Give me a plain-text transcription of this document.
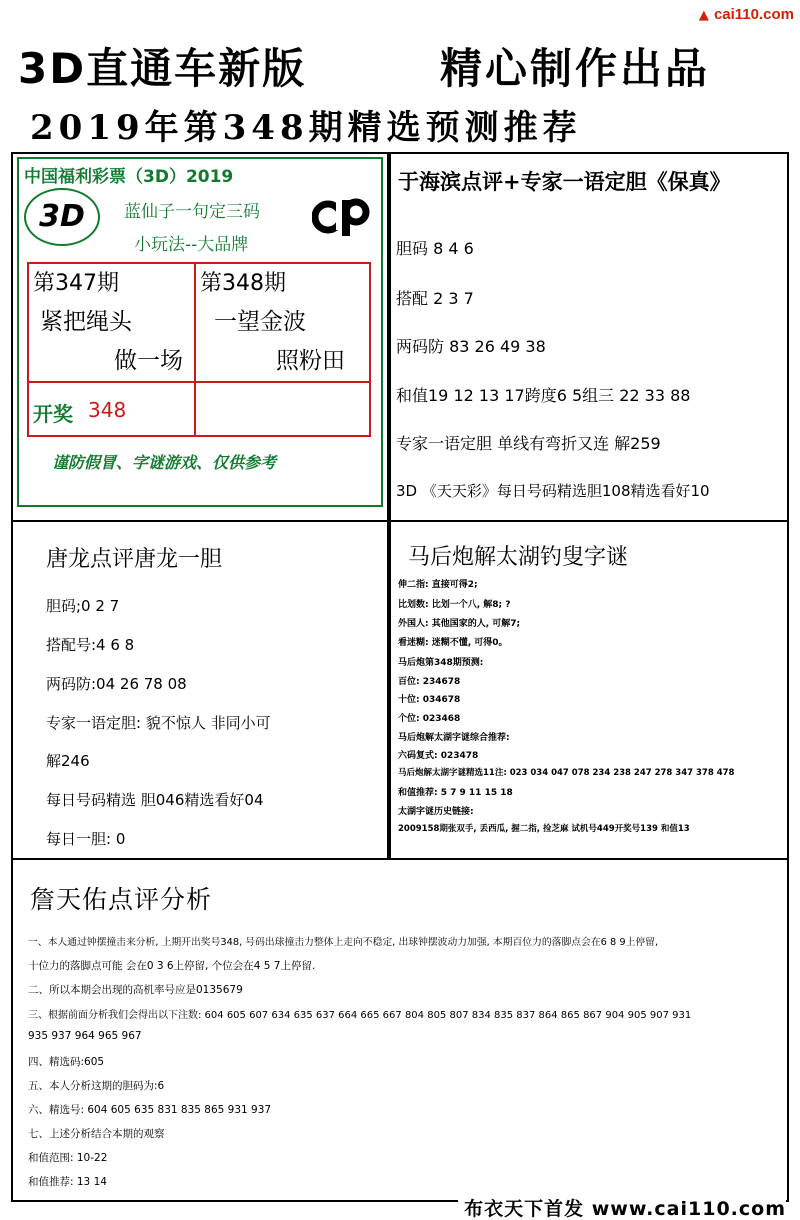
▲ cai110.com
3D直通车新版	精心制作出品
2019年第348期精选预测推荐
中国福利彩票（3D）2019
3D	蓝仙子一句定三码
小玩法--大品牌
第347期
紧把绳头
做一场
第348期
一望金波
照粉田
开奖 348
谨防假冒、字谜游戏、仅供参考
于海滨点评+专家一语定胆《保真》
胆码 8 4 6
搭配 2 3 7
两码防 83 26 49 38
和值19 12 13 17跨度6 5组三 22 33 88
专家一语定胆 单线有弯折又连 解259
3D 《天天彩》每日号码精选胆108精选看好10
唐龙点评唐龙一胆
胆码;0 2 7
搭配号:4 6 8
两码防:04 26 78 08
专家一语定胆: 貌不惊人 非同小可
解246
每日号码精选 胆046精选看好04
每日一胆: 0
马后炮解太湖钓叟字谜
伸二指: 直接可得2;
比划数: 比划一个八, 解8; ?
外国人: 其他国家的人, 可解7;
看迷糊: 迷糊不懂, 可得0。
马后炮第348期预测:
百位: 234678
十位: 034678
个位: 023468
马后炮解太湖字谜综合推荐:
六码复式: 023478
马后炮解太湖字谜精选11注: 023 034 047 078 234 238 247 278 347 378 478
和值推荐: 5 7 9 11 15 18
太湖字谜历史链接:
2009158期张双手, 丢西瓜, 握二指, 捡芝麻 试机号449开奖号139 和值13
詹天佑点评分析
一、本人通过钟摆撞击来分析, 上期开出奖号348, 号码出球撞击力整体上走向不稳定, 出球钟摆波动力加强, 本期百位力的落脚点会在6 8 9上停留,
十位力的落脚点可能 会在0 3 6上停留, 个位会在4 5 7上停留.
二、所以本期会出现的高机率号应是0135679
三、根据前面分析我们会得出以下注数: 604 605 607 634 635 637 664 665 667 804 805 807 834 835 837 864 865 867 904 905 907 931
935 937 964 965 967
四、精选码:605
五、本人分析这期的胆码为:6
六、精选号: 604 605 635 831 835 865 931 937
七、上述分析结合本期的观察
和值范围: 10-22
和值推荐: 13 14
布衣天下首发 www.cai110.com
